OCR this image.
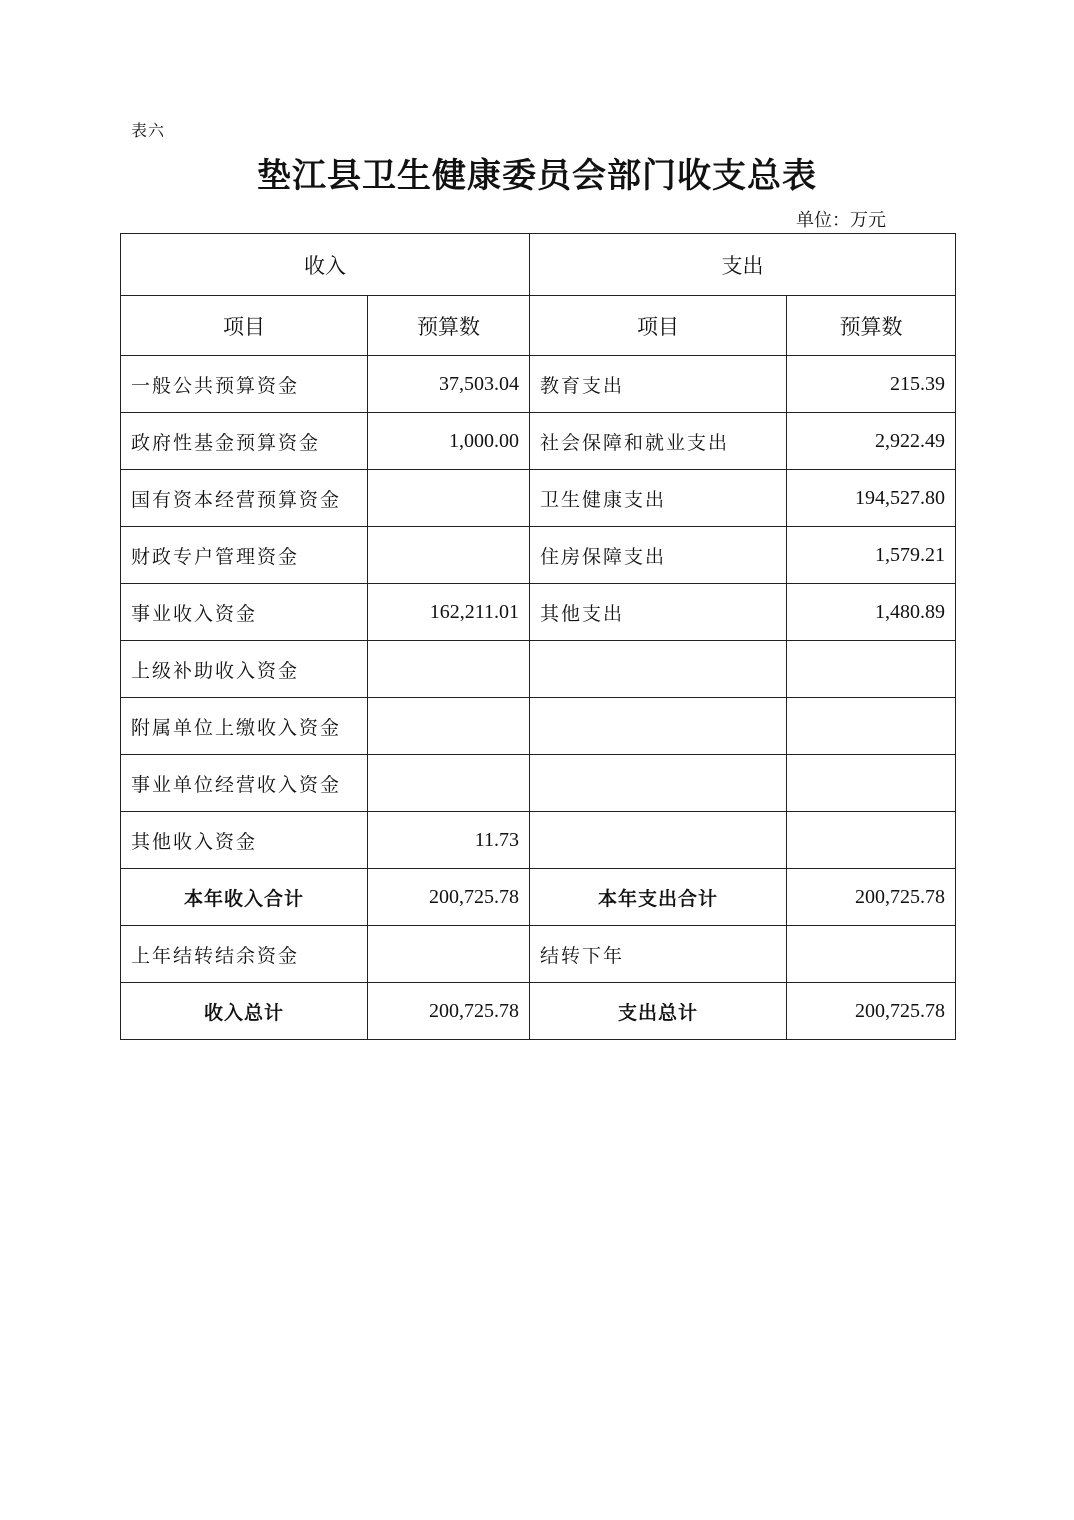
表六
垫江县卫生健康委员会部门收支总表
单位：万元
收入		支出	
项目	预算数	项目	预算数
一般公共预算资金	37,503.04	教育支出	215.39
政府性基金预算资金	1,000.00	社会保障和就业支出	2,922.49
国有资本经营预算资金		卫生健康支出	194,527.80
财政专户管理资金		住房保障支出	1,579.21
事业收入资金	162,211.01	其他支出	1,480.89
上级补助收入资金			
附属单位上缴收入资金			
事业单位经营收入资金			
其他收入资金	11.73		
本年收入合计	200,725.78	本年支出合计	200,725.78
上年结转结余资金		结转下年	
收入总计	200,725.78	支出总计	200,725.78
